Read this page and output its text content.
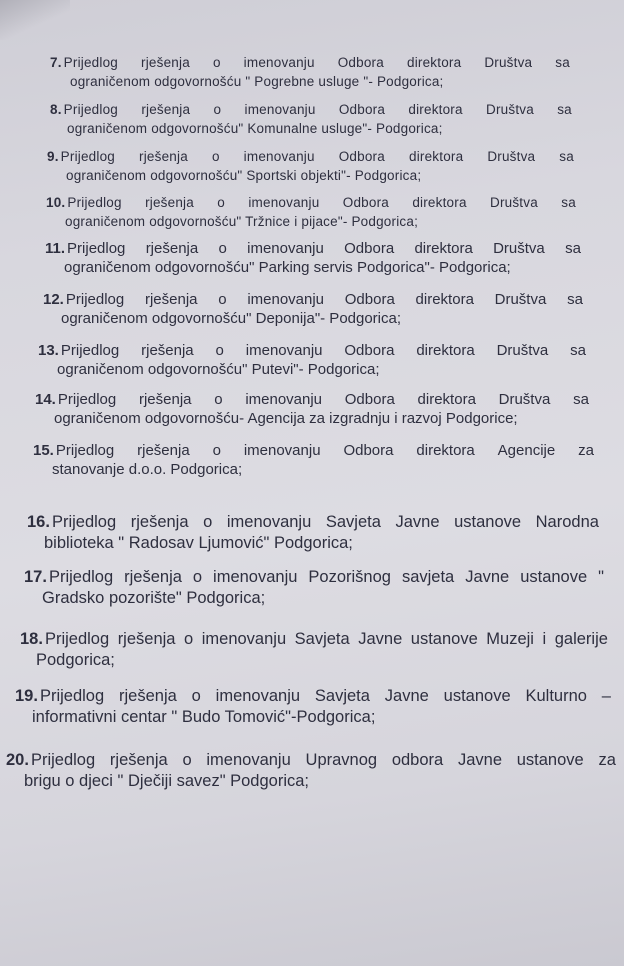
7. Prijedlog rješenja o imenovanju Odbora direktora Društva sa
ograničenom odgovornošću " Pogrebne usluge "- Podgorica;
8. Prijedlog rješenja o imenovanju Odbora direktora Društva sa
ograničenom odgovornošću" Komunalne usluge"- Podgorica;
9. Prijedlog rješenja o imenovanju Odbora direktora Društva sa
ograničenom odgovornošću" Sportski objekti"- Podgorica;
10. Prijedlog rješenja o imenovanju Odbora direktora Društva sa
ograničenom odgovornošću" Tržnice i pijace"- Podgorica;
11. Prijedlog rješenja o imenovanju Odbora direktora Društva sa
ograničenom odgovornošću" Parking servis Podgorica"- Podgorica;
12. Prijedlog rješenja o imenovanju Odbora direktora Društva sa
ograničenom odgovornošću" Deponija"- Podgorica;
13. Prijedlog rješenja o imenovanju Odbora direktora Društva sa
ograničenom odgovornošću" Putevi"- Podgorica;
14. Prijedlog rješenja o imenovanju Odbora direktora Društva sa
ograničenom odgovornošću- Agencija za izgradnju i razvoj Podgorice;
15. Prijedlog rješenja o imenovanju Odbora direktora Agencije za
stanovanje d.o.o. Podgorica;
16. Prijedlog rješenja o imenovanju Savjeta Javne ustanove Narodna
biblioteka " Radosav Ljumović" Podgorica;
17. Prijedlog rješenja o imenovanju Pozorišnog savjeta Javne ustanove "
Gradsko pozorište" Podgorica;
18. Prijedlog rješenja o imenovanju Savjeta Javne ustanove Muzeji i galerije
Podgorica;
19. Prijedlog rješenja o imenovanju Savjeta Javne ustanove Kulturno –
informativni centar " Budo Tomović"-Podgorica;
20. Prijedlog rješenja o imenovanju Upravnog odbora Javne ustanove za
brigu o djeci " Dječiji savez" Podgorica;
